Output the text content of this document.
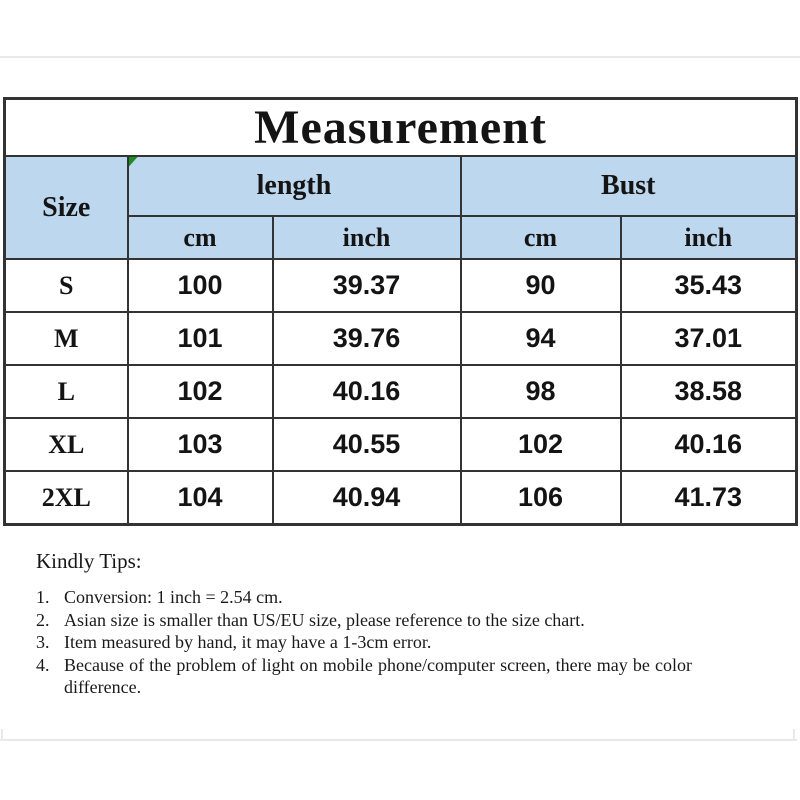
Measurement				
Size	length		Bust	
	cm	inch	cm	inch
S	100	39.37	90	35.43
M	101	39.76	94	37.01
L	102	40.16	98	38.58
XL	103	40.55	102	40.16
2XL	104	40.94	106	41.73
Kindly Tips:
1. Conversion: 1 inch = 2.54 cm.
2. Asian size is smaller than US/EU size, please reference to the size chart.
3. Item measured by hand, it may have a 1-3cm error.
4. Because of the problem of light on mobile phone/computer screen, there may be color difference.
